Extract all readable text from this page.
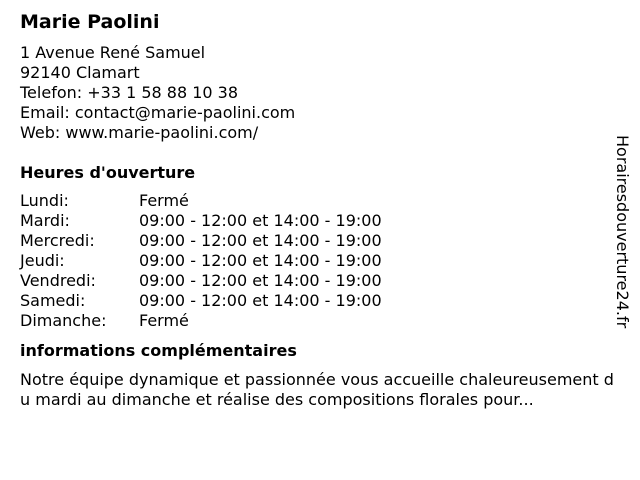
Marie Paolini
1 Avenue René Samuel
92140 Clamart
Telefon: +33 1 58 88 10 38
Email: contact@marie-paolini.com
Web: www.marie-paolini.com/
Heures d'ouverture
Lundi:	Fermé
Mardi:	09:00 - 12:00 et 14:00 - 19:00
Mercredi:	09:00 - 12:00 et 14:00 - 19:00
Jeudi:	09:00 - 12:00 et 14:00 - 19:00
Vendredi:	09:00 - 12:00 et 14:00 - 19:00
Samedi:	09:00 - 12:00 et 14:00 - 19:00
Dimanche:	Fermé
informations complémentaires

Notre équipe dynamique et passionnée vous accueille chaleureusement du mardi au dimanche et réalise des compositions florales pour...

Horairesdouverture24.fr
